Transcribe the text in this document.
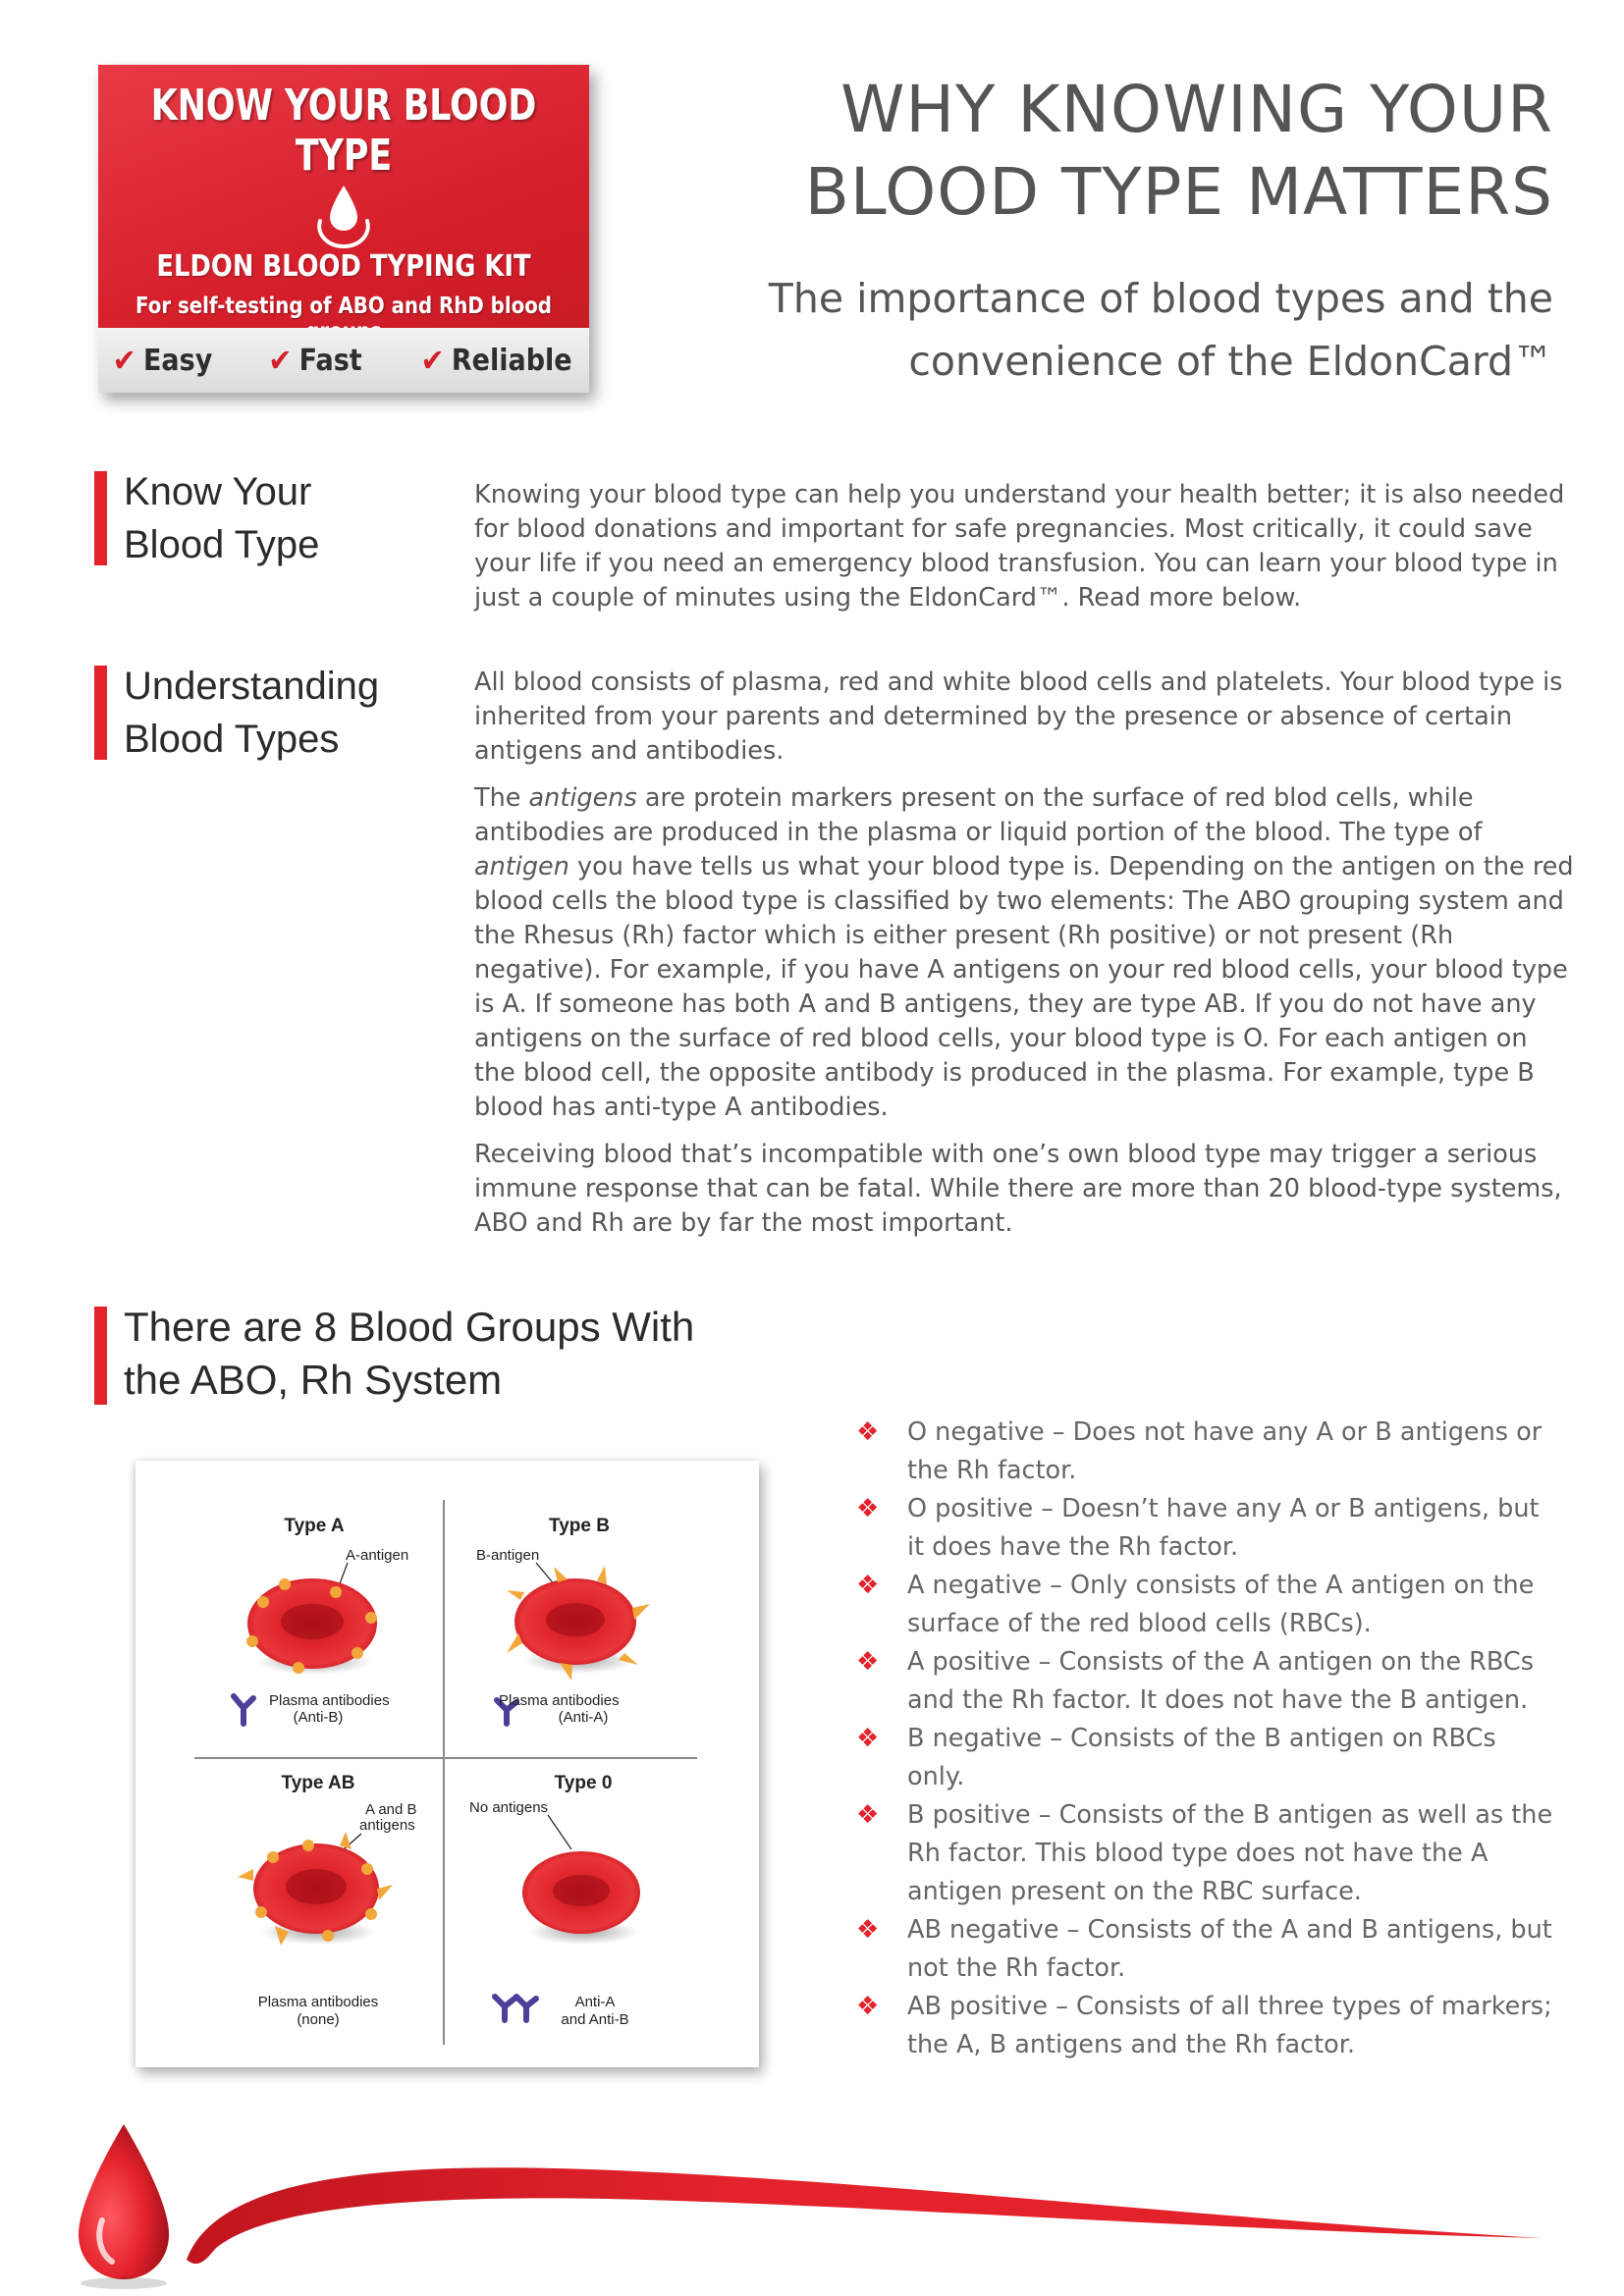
KNOW YOUR BLOOD TYPE
ELDON BLOOD TYPING KIT
For self-testing of ABO and RhD blood
✔ Easy ✔ Fast ✔ Reliable
WHY KNOWING YOUR
BLOOD TYPE MATTERS
The importance of blood types and the
convenience of the EldonCard™
Know Your
Blood Type

Knowing your blood type can help you understand your health better; it is also needed for blood donations and important for safe pregnancies. Most critically, it could save your life if you need an emergency blood transfusion. You can learn your blood type in just a couple of minutes using the EldonCard™. Read more below.

Understanding
Blood Types

All blood consists of plasma, red and white blood cells and platelets. Your blood type is inherited from your parents and determined by the presence or absence of certain antigens and antibodies.

The antigens are protein markers present on the surface of red blod cells, while antibodies are produced in the plasma or liquid portion of the blood. The type of antigen you have tells us what your blood type is. Depending on the antigen on the red blood cells the blood type is classified by two elements: The ABO grouping system and the Rhesus (Rh) factor which is either present (Rh positive) or not present (Rh negative). For example, if you have A antigens on your red blood cells, your blood type is A. If someone has both A and B antigens, they are type AB. If you do not have any antigens on the surface of red blood cells, your blood type is O. For each antigen on the blood cell, the opposite antibody is produced in the plasma. For example, type B blood has anti-type A antibodies.

Receiving blood that’s incompatible with one’s own blood type may trigger a serious immune response that can be fatal. While there are more than 20 blood-type systems, ABO and Rh are by far the most important.

There are 8 Blood Groups With
the ABO, Rh System
Type A
A-antigen
Plasma antibodies
(Anti-B)
Type B
B-antigen
Plasma antibodies
(Anti-A)
Type AB
A and B
antigens
Plasma antibodies
(none)
Type 0
No antigens
Anti-A
and Anti-B
❖ O negative – Does not have any A or B antigens or the Rh factor.
❖ O positive – Doesn’t have any A or B antigens, but it does have the Rh factor.
❖ A negative – Only consists of the A antigen on the surface of the red blood cells (RBCs).
❖ A positive – Consists of the A antigen on the RBCs and the Rh factor. It does not have the B antigen.
❖ B negative – Consists of the B antigen on RBCs only.
❖ B positive – Consists of the B antigen as well as the Rh factor. This blood type does not have the A antigen present on the RBC surface.
❖ AB negative – Consists of the A and B antigens, but not the Rh factor.
❖ AB positive – Consists of all three types of markers; the A, B antigens and the Rh factor.
